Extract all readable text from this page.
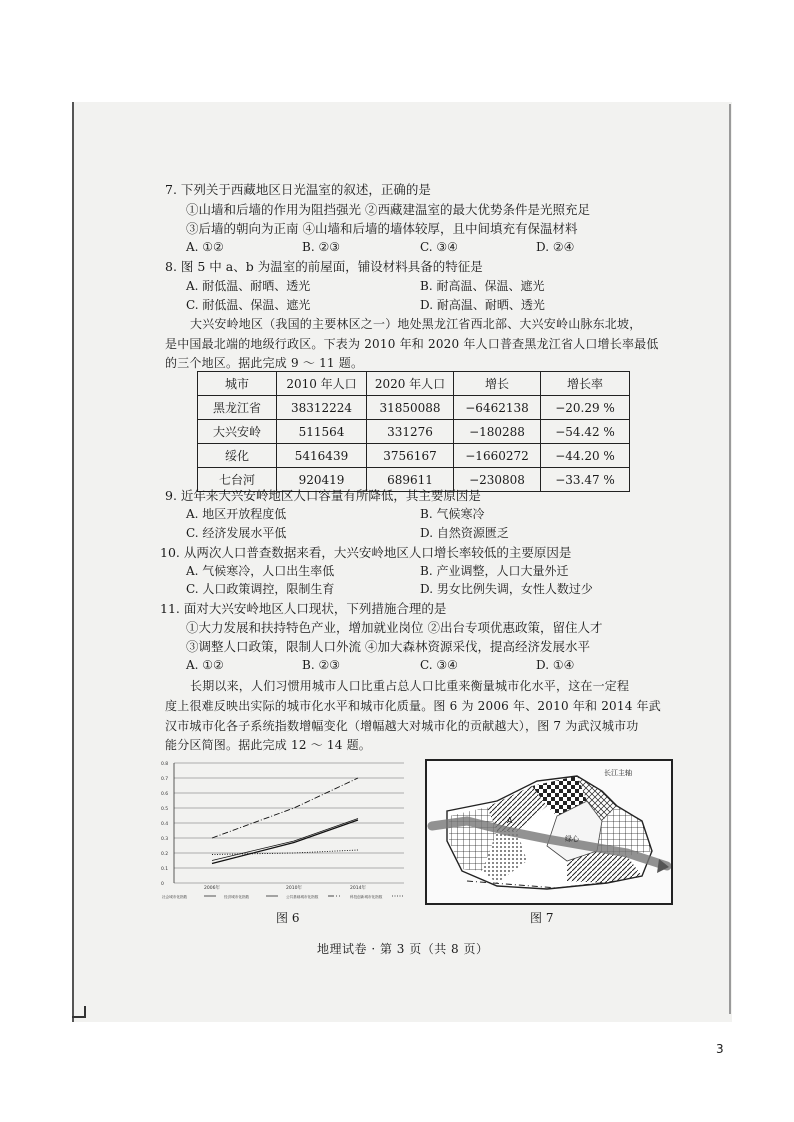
7. 下列关于西藏地区日光温室的叙述，正确的是
①山墙和后墙的作用为阻挡强光 ②西藏建温室的最大优势条件是光照充足
③后墙的朝向为正南 ④山墙和后墙的墙体较厚，且中间填充有保温材料
A. ①②	B. ②③	C. ③④	D. ②④
8. 图 5 中 a、b 为温室的前屋面，铺设材料具备的特征是
A. 耐低温、耐晒、透光	B. 耐高温、保温、遮光
C. 耐低温、保温、遮光	D. 耐高温、耐晒、透光
大兴安岭地区（我国的主要林区之一）地处黑龙江省西北部、大兴安岭山脉东北坡，
是中国最北端的地级行政区。下表为 2010 年和 2020 年人口普查黑龙江省人口增长率最低
的三个地区。据此完成 9 ～ 11 题。
城市	2010 年人口	2020 年人口	增长	增长率
黑龙江省	38312224	31850088	−6462138	−20.29 %
大兴安岭	511564	331276	−180288	−54.42 %
绥化	5416439	3756167	−1660272	−44.20 %
七台河	920419	689611	−230808	−33.47 %
9. 近年来大兴安岭地区人口容量有所降低，其主要原因是
A. 地区开放程度低	B. 气候寒冷
C. 经济发展水平低	D. 自然资源匮乏
10. 从两次人口普查数据来看，大兴安岭地区人口增长率较低的主要原因是
A. 气候寒冷，人口出生率低	B. 产业调整，人口大量外迁
C. 人口政策调控，限制生育	D. 男女比例失调，女性人数过少
11. 面对大兴安岭地区人口现状，下列措施合理的是
①大力发展和扶持特色产业，增加就业岗位 ②出台专项优惠政策，留住人才
③调整人口政策，限制人口外流 ④加大森林资源采伐，提高经济发展水平
A. ①②	B. ②③	C. ③④	D. ①④
长期以来，人们习惯用城市人口比重占总人口比重来衡量城市化水平，这在一定程
度上很难反映出实际的城市化水平和城市化质量。图 6 为 2006 年、2010 年和 2014 年武
汉市城市化各子系统指数增幅变化（增幅越大对城市化的贡献越大），图 7 为武汉城市功
能分区简图。据此完成 12 ～ 14 题。
0.8
0.7
0.6
0.5
0.4
0.3
0.2
0.1
0
2006年	2010年	2014年
社会城市化指数	经济城市化指数	公共基础城市化指数	科技创新城市化指数
长江主轴
A
绿心
图 6	图 7
地理试卷 · 第 3 页（共 8 页）
3
